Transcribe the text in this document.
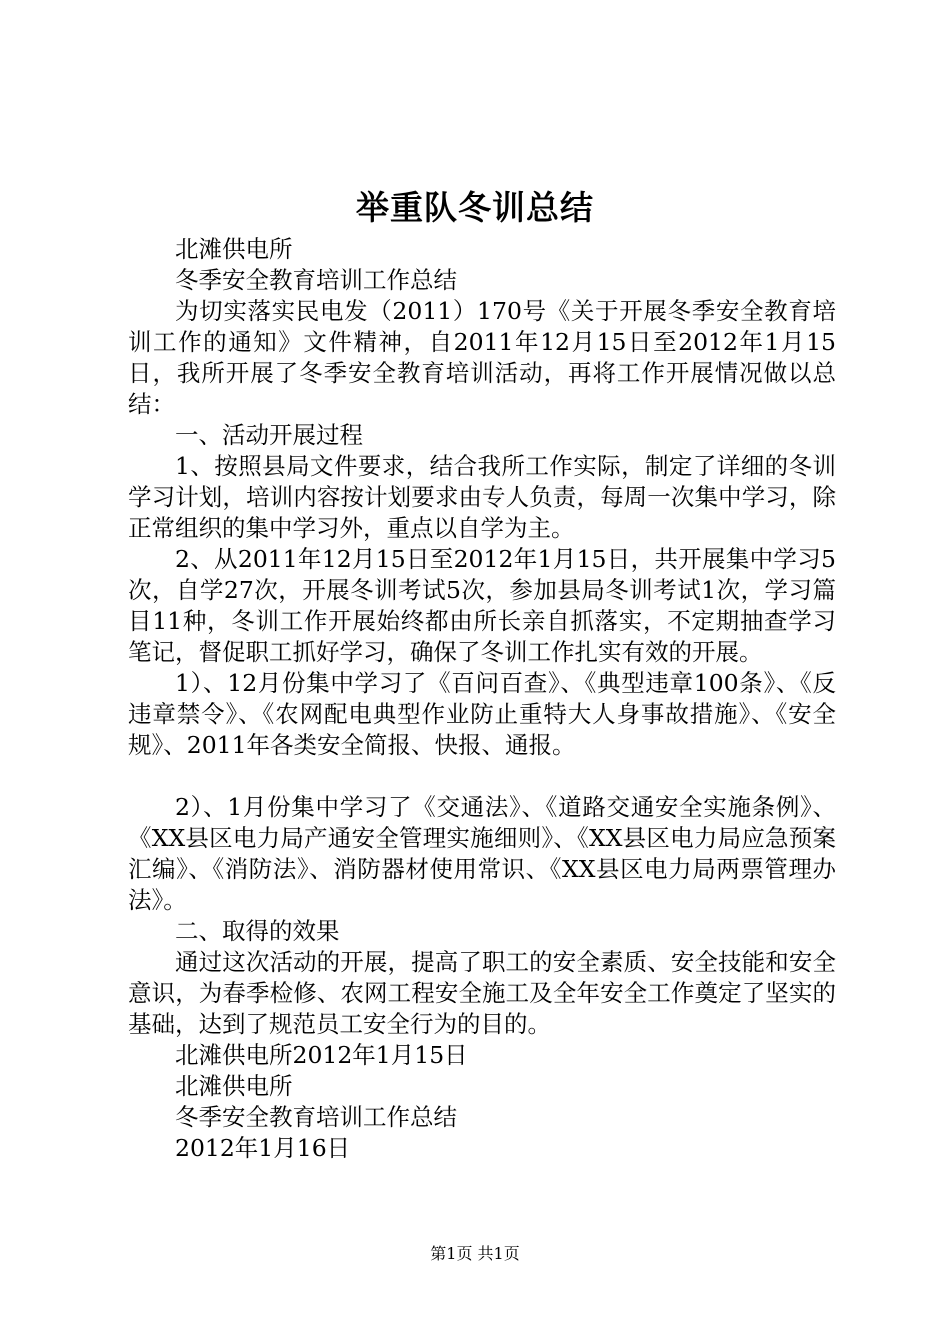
举重队冬训总结

北滩供电所

冬季安全教育培训工作总结

为切实落实民电发（2011）170号《关于开展冬季安全教育培训工作的通知》文件精神，自2011年12月15日至2012年1月15日，我所开展了冬季安全教育培训活动，再将工作开展情况做以总结：

一、活动开展过程

1、按照县局文件要求，结合我所工作实际，制定了详细的冬训学习计划，培训内容按计划要求由专人负责，每周一次集中学习，除正常组织的集中学习外，重点以自学为主。

2、从2011年12月15日至2012年1月15日，共开展集中学习5次，自学27次，开展冬训考试5次，参加县局冬训考试1次，学习篇目11种，冬训工作开展始终都由所长亲自抓落实，不定期抽查学习笔记，督促职工抓好学习，确保了冬训工作扎实有效的开展。

1）、12月份集中学习了《百问百查》、《典型违章100条》、《反违章禁令》、《农网配电典型作业防止重特大人身事故措施》、《安全规》、2011年各类安全简报、快报、通报。

2）、1月份集中学习了《交通法》、《道路交通安全实施条例》、《XX县区电力局产通安全管理实施细则》、《XX县区电力局应急预案汇编》、《消防法》、消防器材使用常识、《XX县区电力局两票管理办法》。

二、取得的效果

通过这次活动的开展，提高了职工的安全素质、安全技能和安全意识，为春季检修、农网工程安全施工及全年安全工作奠定了坚实的基础，达到了规范员工安全行为的目的。

北滩供电所2012年1月15日

北滩供电所

冬季安全教育培训工作总结

2012年1月16日

第1页 共1页
